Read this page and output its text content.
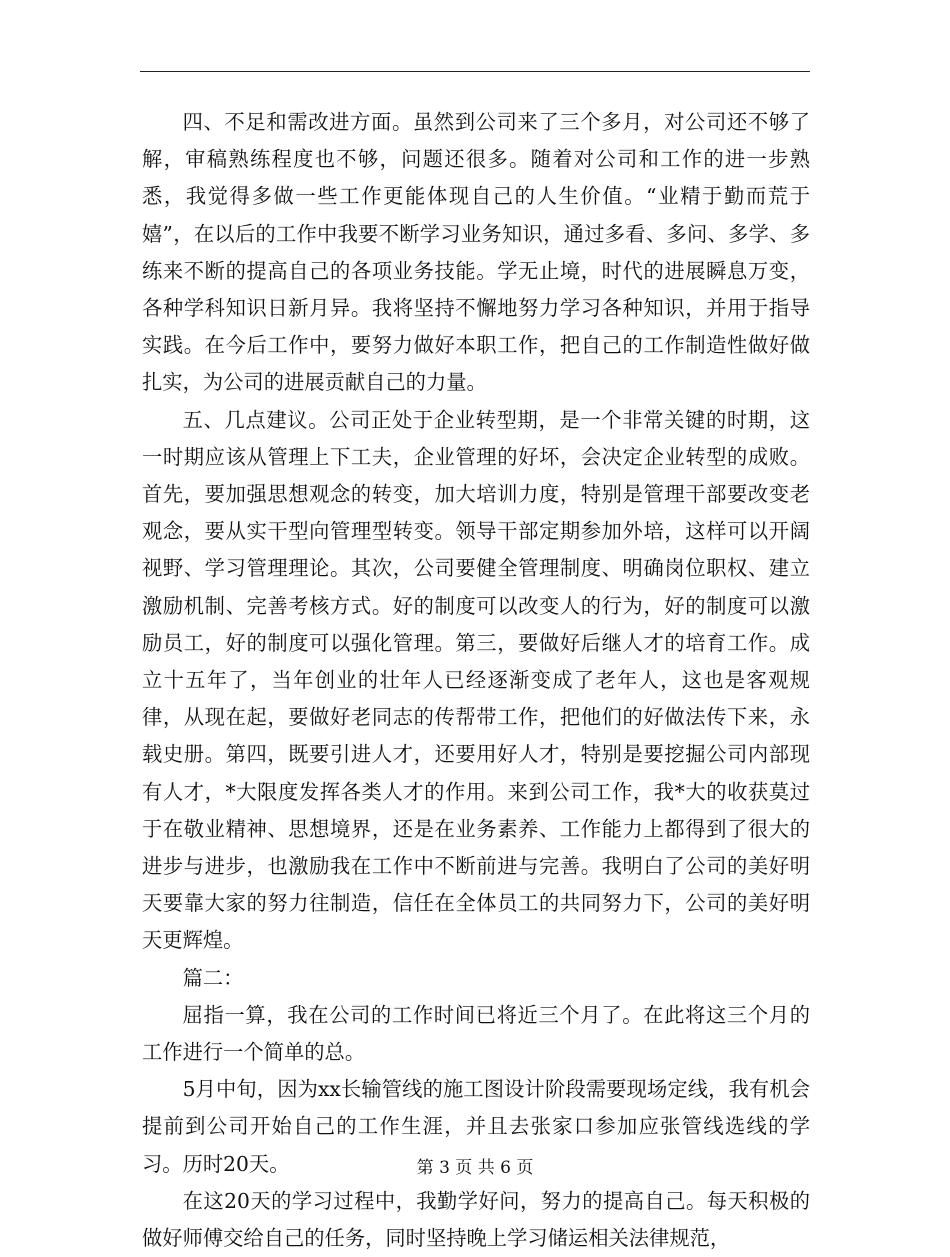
四、不足和需改进方面。虽然到公司来了三个多月，对公司还不够了解，审稿熟练程度也不够，问题还很多。随着对公司和工作的进一步熟悉，我觉得多做一些工作更能体现自己的人生价值。“业精于勤而荒于嬉”，在以后的工作中我要不断学习业务知识，通过多看、多问、多学、多练来不断的提高自己的各项业务技能。学无止境，时代的进展瞬息万变，各种学科知识日新月异。我将坚持不懈地努力学习各种知识，并用于指导实践。在今后工作中，要努力做好本职工作，把自己的工作制造性做好做扎实，为公司的进展贡献自己的力量。

五、几点建议。公司正处于企业转型期，是一个非常关键的时期，这一时期应该从管理上下工夫，企业管理的好坏，会决定企业转型的成败。首先，要加强思想观念的转变，加大培训力度，特别是管理干部要改变老观念，要从实干型向管理型转变。领导干部定期参加外培，这样可以开阔视野、学习管理理论。其次，公司要健全管理制度、明确岗位职权、建立激励机制、完善考核方式。好的制度可以改变人的行为，好的制度可以激励员工，好的制度可以强化管理。第三，要做好后继人才的培育工作。成立十五年了，当年创业的壮年人已经逐渐变成了老年人，这也是客观规律，从现在起，要做好老同志的传帮带工作，把他们的好做法传下来，永载史册。第四，既要引进人才，还要用好人才，特别是要挖掘公司内部现有人才，*大限度发挥各类人才的作用。来到公司工作，我*大的收获莫过于在敬业精神、思想境界，还是在业务素养、工作能力上都得到了很大的进步与进步，也激励我在工作中不断前进与完善。我明白了公司的美好明天要靠大家的努力往制造，信任在全体员工的共同努力下，公司的美好明天更辉煌。

篇二：

屈指一算，我在公司的工作时间已将近三个月了。在此将这三个月的工作进行一个简单的总。

5月中旬，因为xx长输管线的施工图设计阶段需要现场定线，我有机会提前到公司开始自己的工作生涯，并且去张家口参加应张管线选线的学习。历时20天。

在这20天的学习过程中，我勤学好问，努力的提高自己。每天积极的做好师傅交给自己的任务，同时坚持晚上学习储运相关法律规范，

第 3 页 共 6 页
